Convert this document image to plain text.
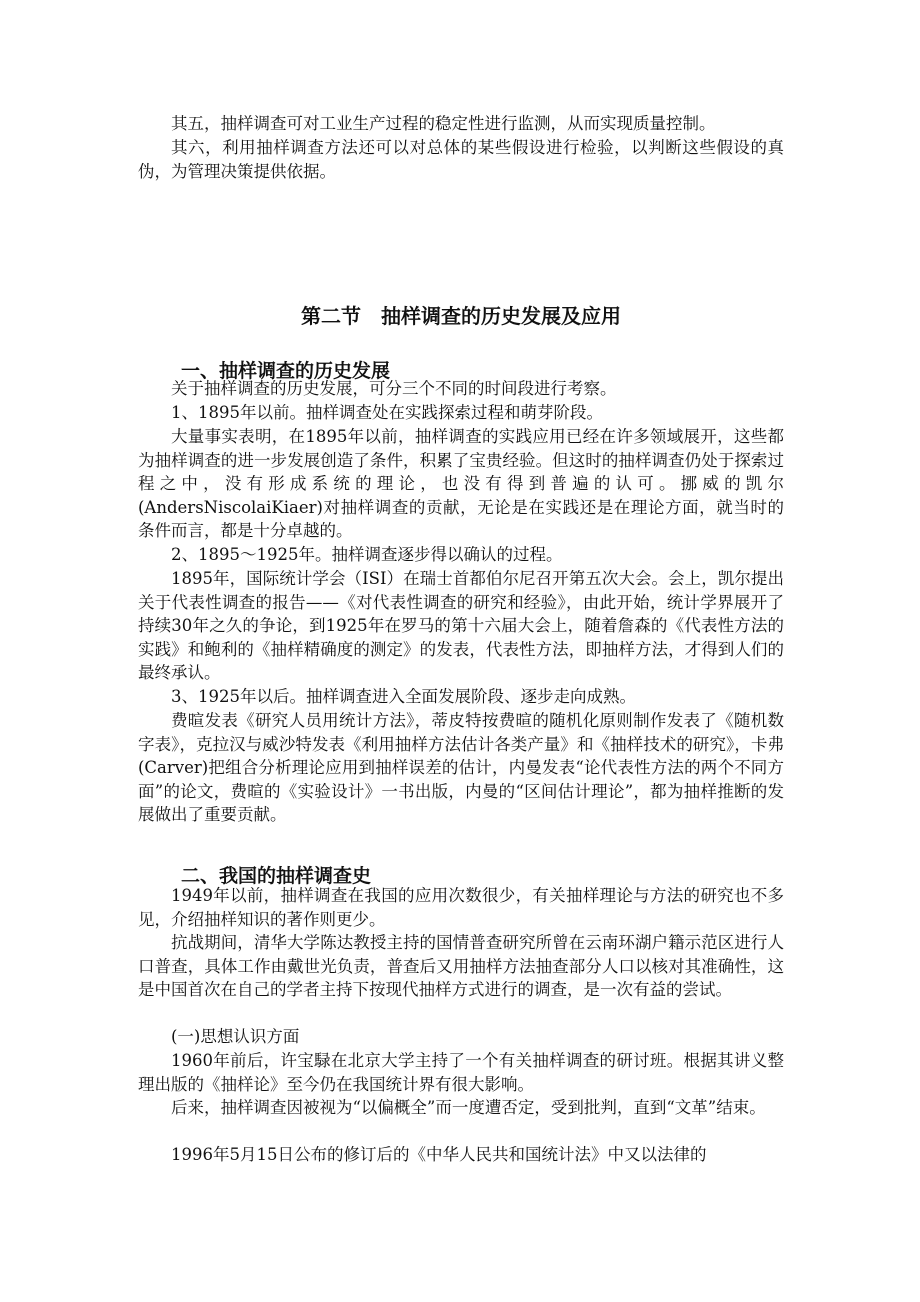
其五，抽样调查可对工业生产过程的稳定性进行监测，从而实现质量控制。

其六，利用抽样调查方法还可以对总体的某些假设进行检验，以判断这些假设的真伪，为管理决策提供依据。

第二节　抽样调查的历史发展及应用
一、抽样调查的历史发展

关于抽样调查的历史发展，可分三个不同的时间段进行考察。

1、1895年以前。抽样调查处在实践探索过程和萌芽阶段。

大量事实表明，在1895年以前，抽样调查的实践应用已经在许多领域展开，这些都为抽样调查的进一步发展创造了条件，积累了宝贵经验。但这时的抽样调查仍处于探索过程之中，没有形成系统的理论，也没有得到普遍的认可。挪威的凯尔(AndersNiscolaiKiaer)对抽样调查的贡献，无论是在实践还是在理论方面，就当时的条件而言，都是十分卓越的。

2、1895～1925年。抽样调查逐步得以确认的过程。

1895年，国际统计学会（ISI）在瑞士首都伯尔尼召开第五次大会。会上，凯尔提出关于代表性调查的报告——《对代表性调查的研究和经验》，由此开始，统计学界展开了持续30年之久的争论，到1925年在罗马的第十六届大会上，随着詹森的《代表性方法的实践》和鲍利的《抽样精确度的测定》的发表，代表性方法，即抽样方法，才得到人们的最终承认。

3、1925年以后。抽样调查进入全面发展阶段、逐步走向成熟。

费暄发表《研究人员用统计方法》，蒂皮特按费暄的随机化原则制作发表了《随机数字表》，克拉汉与威沙特发表《利用抽样方法估计各类产量》和《抽样技术的研究》，卡弗(Carver)把组合分析理论应用到抽样误差的估计，内曼发表“论代表性方法的两个不同方面”的论文，费暄的《实验设计》一书出版，内曼的“区间估计理论”，都为抽样推断的发展做出了重要贡献。

二、我国的抽样调查史

1949年以前，抽样调查在我国的应用次数很少，有关抽样理论与方法的研究也不多见，介绍抽样知识的著作则更少。

抗战期间，清华大学陈达教授主持的国情普查研究所曾在云南环湖户籍示范区进行人口普查，具体工作由戴世光负责，普查后又用抽样方法抽查部分人口以核对其准确性，这是中国首次在自己的学者主持下按现代抽样方式进行的调查，是一次有益的尝试。

(一)思想认识方面

1960年前后，许宝騄在北京大学主持了一个有关抽样调查的研讨班。根据其讲义整理出版的《抽样论》至今仍在我国统计界有很大影响。

后来，抽样调查因被视为“以偏概全”而一度遭否定，受到批判，直到“文革”结束。

1996年5月15日公布的修订后的《中华人民共和国统计法》中又以法律的
